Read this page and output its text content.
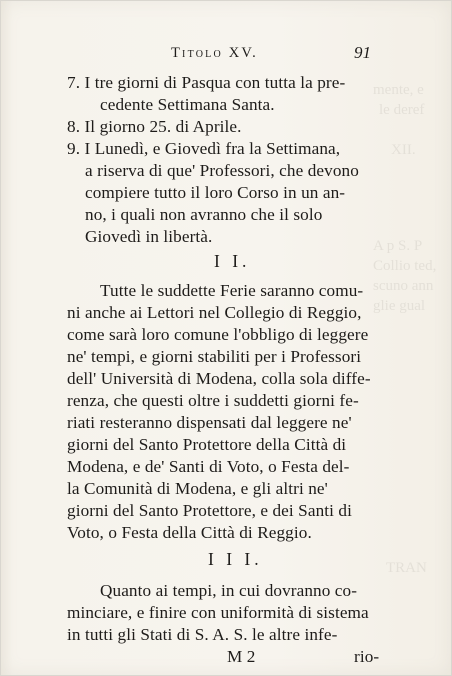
mente, e
le deref
XII.
A p S. P
Collio ted,
scuno ann
glie gual
TRAN
Titolo XV.	91
7. I tre giorni di Pasqua con tutta la pre-
cedente Settimana Santa.
8. Il giorno 25. di Aprile.
9. I Lunedì, e Giovedì fra la Settimana,
a riserva di que' Professori, che devono
compiere tutto il loro Corso in un an-
no, i quali non avranno che il solo
Giovedì in libertà.
I I.
Tutte le suddette Ferie saranno comu-
ni anche ai Lettori nel Collegio di Reggio,
come sarà loro comune l'obbligo di leggere
ne' tempi, e giorni stabiliti per i Professori
dell' Università di Modena, colla sola diffe-
renza, che questi oltre i suddetti giorni fe-
riati resteranno dispensati dal leggere ne'
giorni del Santo Protettore della Città di
Modena, e de' Santi di Voto, o Festa del-
la Comunità di Modena, e gli altri ne'
giorni del Santo Protettore, e dei Santi di
Voto, o Festa della Città di Reggio.
I I I.
Quanto ai tempi, in cui dovranno co-
minciare, e finire con uniformità di sistema
in tutti gli Stati di S. A. S. le altre infe-
M 2	rio-
